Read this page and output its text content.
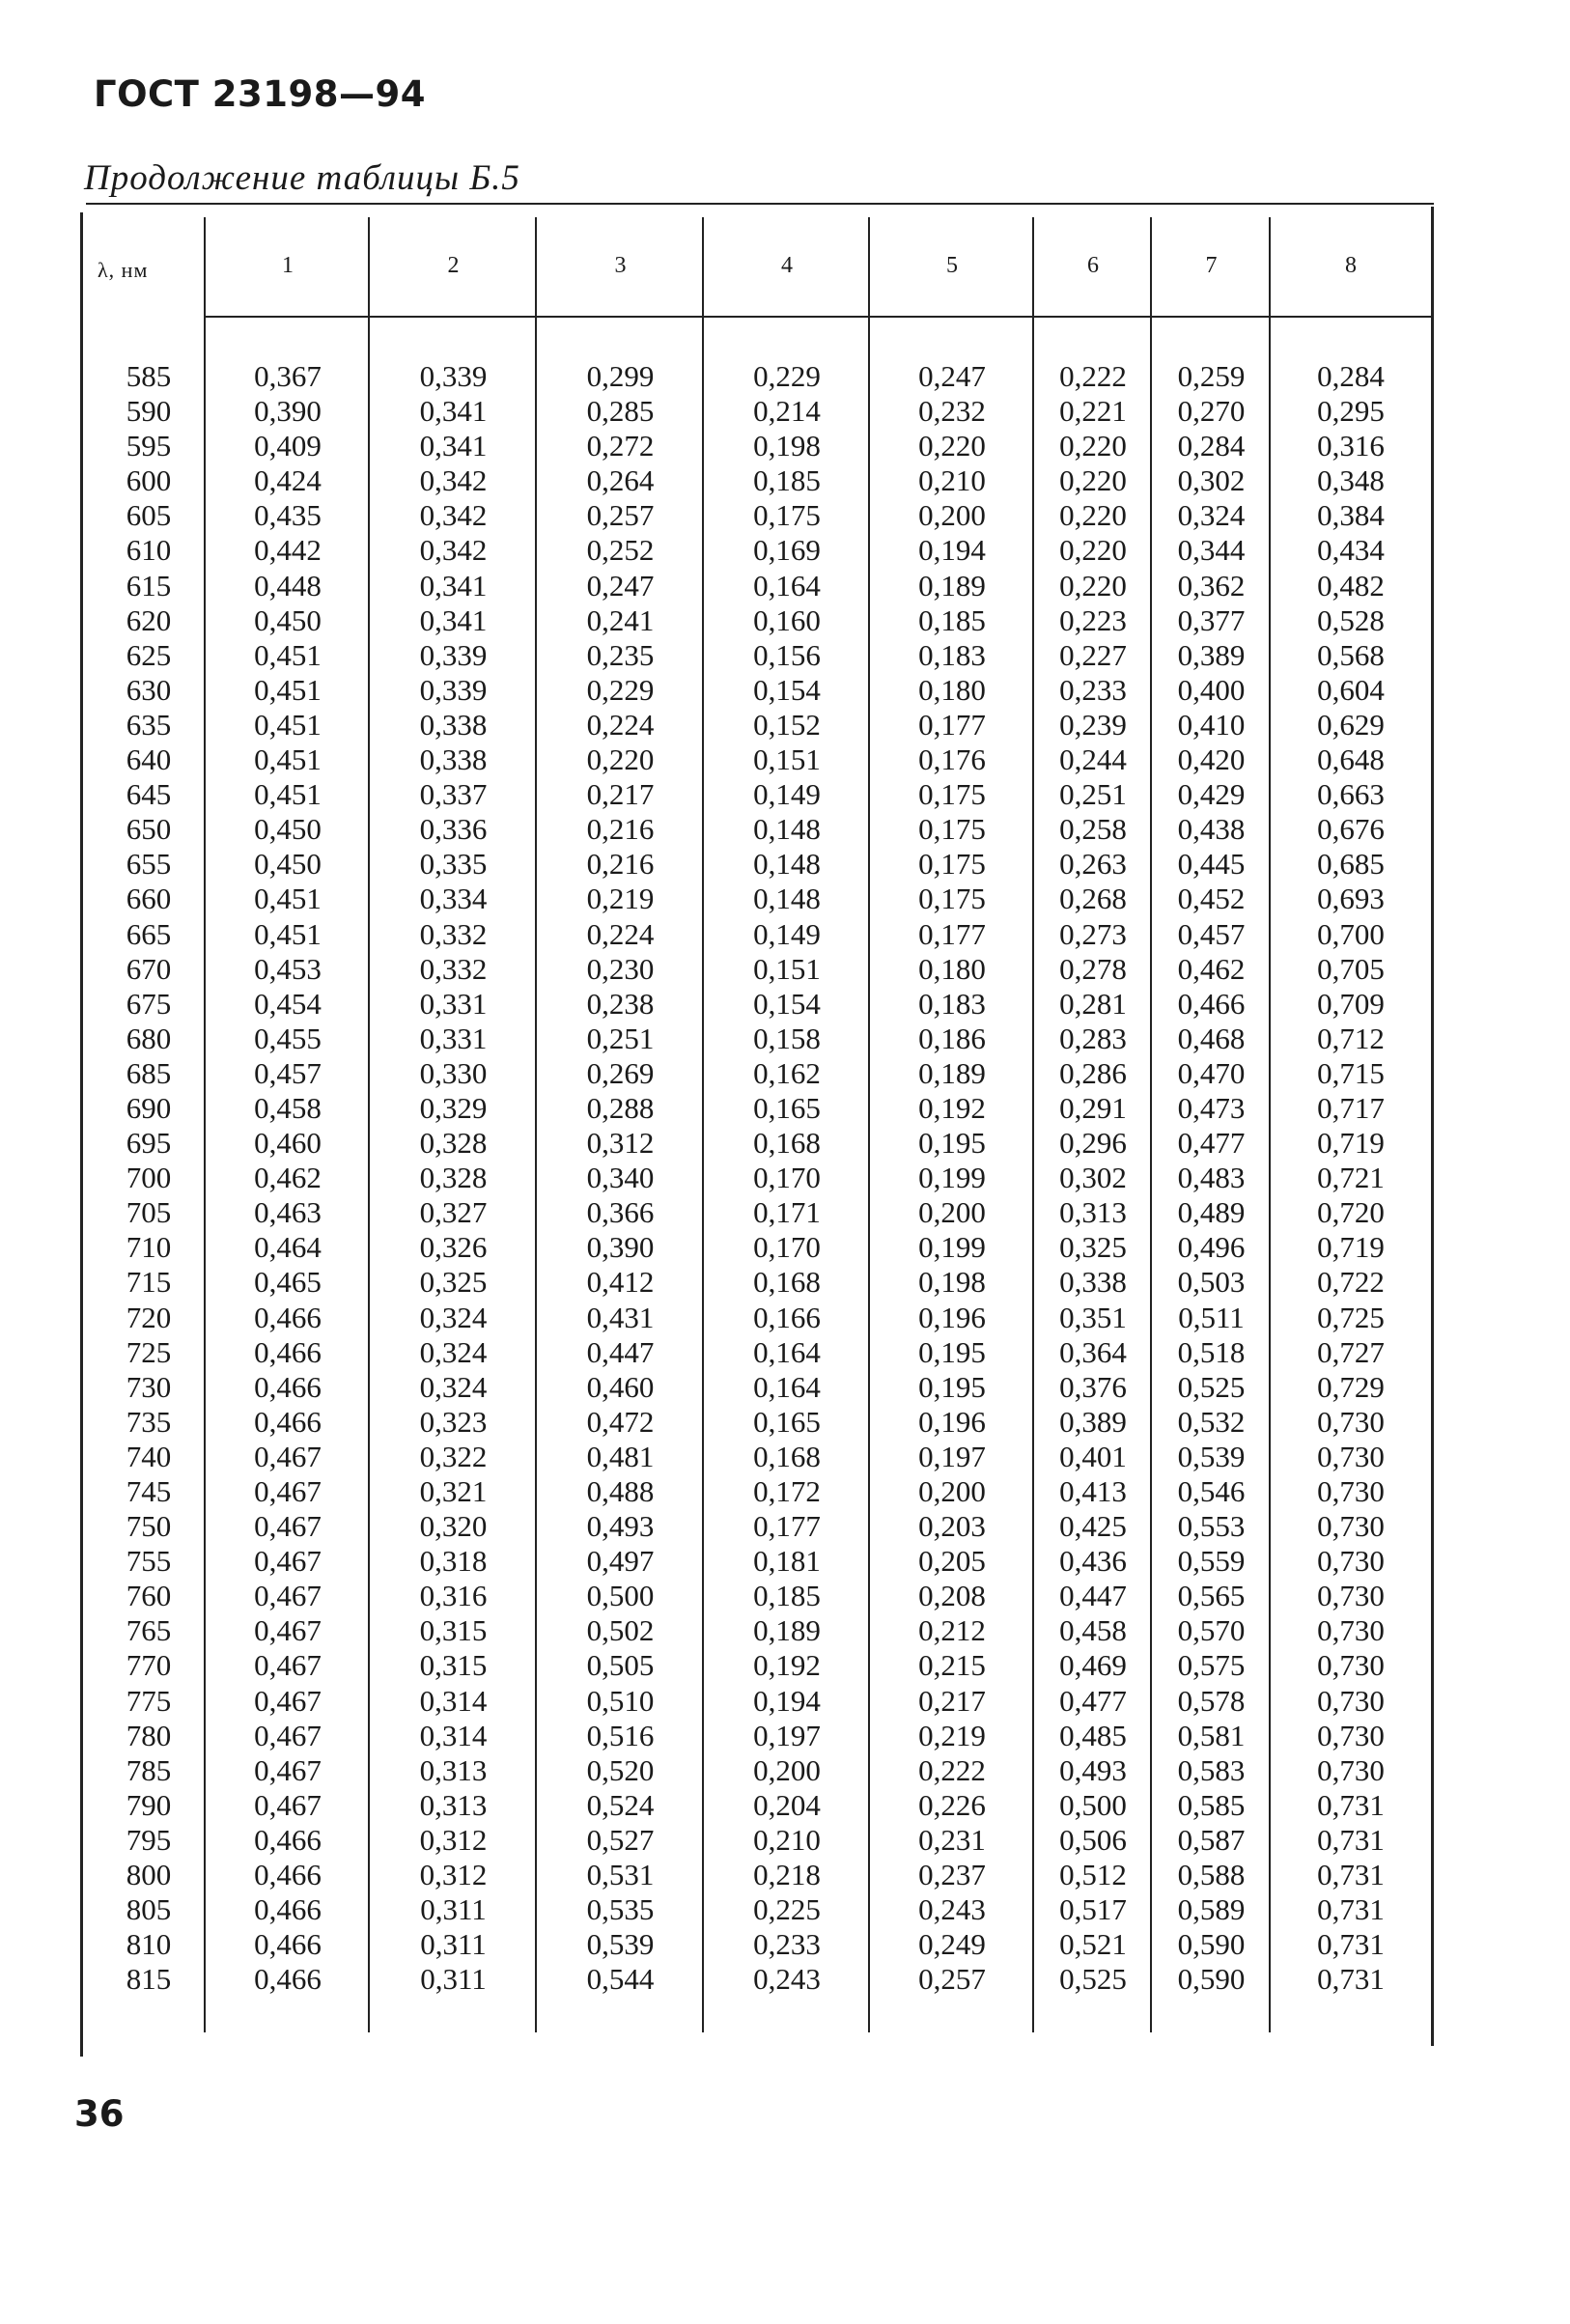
ГОСТ 23198—94
Продолжение таблицы Б.5
λ, нм	1	2	3	4	5	6	7	8
585	0,367	0,339	0,299	0,229	0,247	0,222	0,259	0,284
590	0,390	0,341	0,285	0,214	0,232	0,221	0,270	0,295
595	0,409	0,341	0,272	0,198	0,220	0,220	0,284	0,316
600	0,424	0,342	0,264	0,185	0,210	0,220	0,302	0,348
605	0,435	0,342	0,257	0,175	0,200	0,220	0,324	0,384
610	0,442	0,342	0,252	0,169	0,194	0,220	0,344	0,434
615	0,448	0,341	0,247	0,164	0,189	0,220	0,362	0,482
620	0,450	0,341	0,241	0,160	0,185	0,223	0,377	0,528
625	0,451	0,339	0,235	0,156	0,183	0,227	0,389	0,568
630	0,451	0,339	0,229	0,154	0,180	0,233	0,400	0,604
635	0,451	0,338	0,224	0,152	0,177	0,239	0,410	0,629
640	0,451	0,338	0,220	0,151	0,176	0,244	0,420	0,648
645	0,451	0,337	0,217	0,149	0,175	0,251	0,429	0,663
650	0,450	0,336	0,216	0,148	0,175	0,258	0,438	0,676
655	0,450	0,335	0,216	0,148	0,175	0,263	0,445	0,685
660	0,451	0,334	0,219	0,148	0,175	0,268	0,452	0,693
665	0,451	0,332	0,224	0,149	0,177	0,273	0,457	0,700
670	0,453	0,332	0,230	0,151	0,180	0,278	0,462	0,705
675	0,454	0,331	0,238	0,154	0,183	0,281	0,466	0,709
680	0,455	0,331	0,251	0,158	0,186	0,283	0,468	0,712
685	0,457	0,330	0,269	0,162	0,189	0,286	0,470	0,715
690	0,458	0,329	0,288	0,165	0,192	0,291	0,473	0,717
695	0,460	0,328	0,312	0,168	0,195	0,296	0,477	0,719
700	0,462	0,328	0,340	0,170	0,199	0,302	0,483	0,721
705	0,463	0,327	0,366	0,171	0,200	0,313	0,489	0,720
710	0,464	0,326	0,390	0,170	0,199	0,325	0,496	0,719
715	0,465	0,325	0,412	0,168	0,198	0,338	0,503	0,722
720	0,466	0,324	0,431	0,166	0,196	0,351	0,511	0,725
725	0,466	0,324	0,447	0,164	0,195	0,364	0,518	0,727
730	0,466	0,324	0,460	0,164	0,195	0,376	0,525	0,729
735	0,466	0,323	0,472	0,165	0,196	0,389	0,532	0,730
740	0,467	0,322	0,481	0,168	0,197	0,401	0,539	0,730
745	0,467	0,321	0,488	0,172	0,200	0,413	0,546	0,730
750	0,467	0,320	0,493	0,177	0,203	0,425	0,553	0,730
755	0,467	0,318	0,497	0,181	0,205	0,436	0,559	0,730
760	0,467	0,316	0,500	0,185	0,208	0,447	0,565	0,730
765	0,467	0,315	0,502	0,189	0,212	0,458	0,570	0,730
770	0,467	0,315	0,505	0,192	0,215	0,469	0,575	0,730
775	0,467	0,314	0,510	0,194	0,217	0,477	0,578	0,730
780	0,467	0,314	0,516	0,197	0,219	0,485	0,581	0,730
785	0,467	0,313	0,520	0,200	0,222	0,493	0,583	0,730
790	0,467	0,313	0,524	0,204	0,226	0,500	0,585	0,731
795	0,466	0,312	0,527	0,210	0,231	0,506	0,587	0,731
800	0,466	0,312	0,531	0,218	0,237	0,512	0,588	0,731
805	0,466	0,311	0,535	0,225	0,243	0,517	0,589	0,731
810	0,466	0,311	0,539	0,233	0,249	0,521	0,590	0,731
815	0,466	0,311	0,544	0,243	0,257	0,525	0,590	0,731
36
